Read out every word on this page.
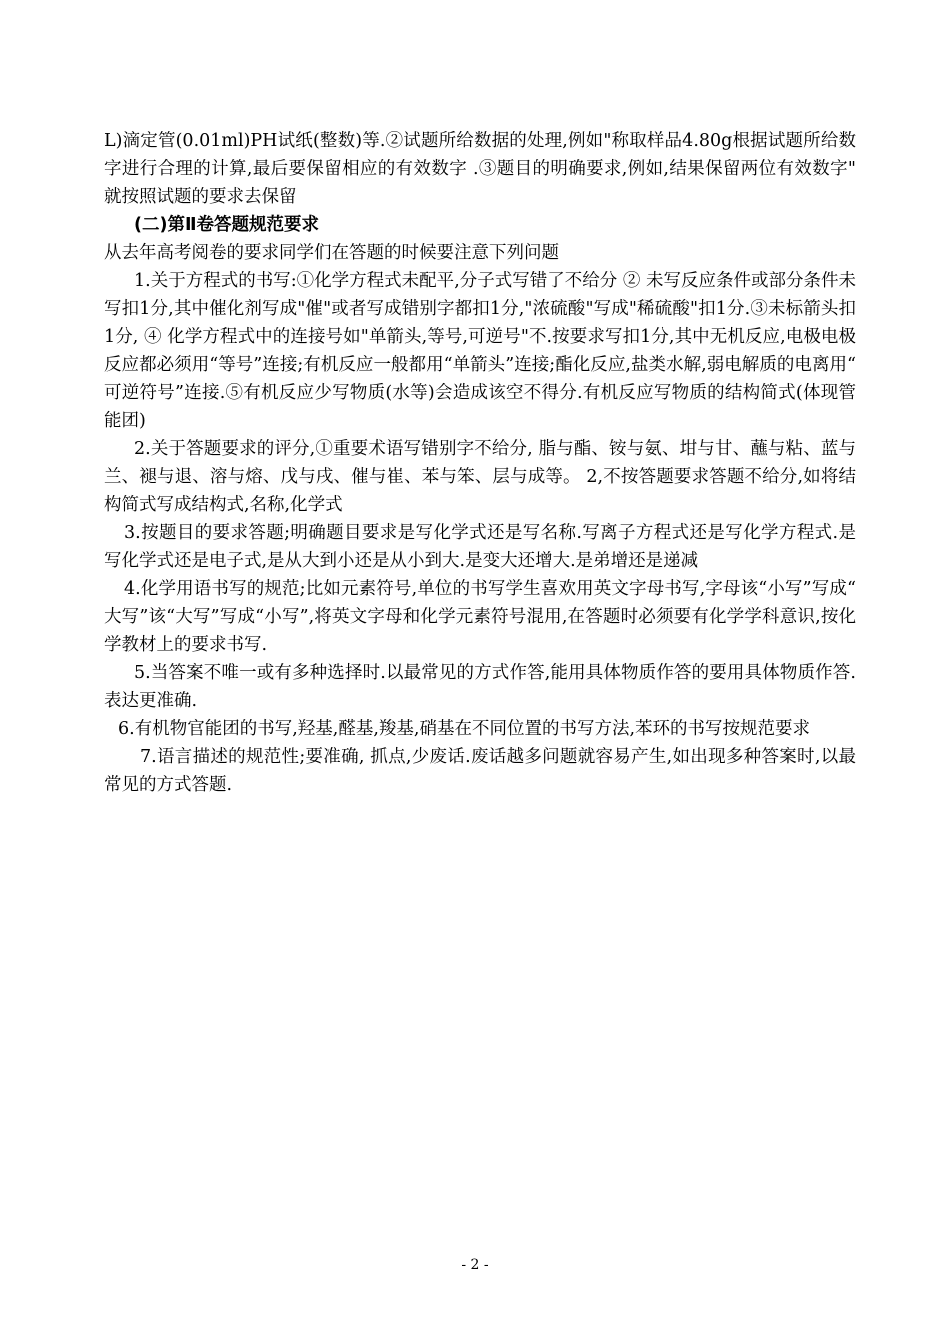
L)滴定管(0.01ml)PH试纸(整数)等.②试题所给数据的处理,例如"称取样品4.80g根据试题所给数字进行合理的计算,最后要保留相应的有效数字 .③题目的明确要求,例如,结果保留两位有效数字"就按照试题的要求去保留

(二)第Ⅱ卷答题规范要求

从去年高考阅卷的要求同学们在答题的时候要注意下列问题

1.关于方程式的书写:①化学方程式未配平,分子式写错了不给分 ② 未写反应条件或部分条件未写扣1分,其中催化剂写成"催"或者写成错别字都扣1分,"浓硫酸"写成"稀硫酸"扣1分.③未标箭头扣1分, ④ 化学方程式中的连接号如"单箭头,等号,可逆号"不.按要求写扣1分,其中无机反应,电极电极反应都必须用“等号”连接;有机反应一般都用“单箭头”连接;酯化反应,盐类水解,弱电解质的电离用“可逆符号”连接.⑤有机反应少写物质(水等)会造成该空不得分.有机反应写物质的结构简式(体现管能团)

2.关于答题要求的评分,①重要术语写错别字不给分, 脂与酯、铵与氨、坩与甘、蘸与粘、蓝与兰、褪与退、溶与熔、戊与戌、催与崔、苯与笨、层与成等。 2,不按答题要求答题不给分,如将结构简式写成结构式,名称,化学式

3.按题目的要求答题;明确题目要求是写化学式还是写名称.写离子方程式还是写化学方程式.是写化学式还是电子式,是从大到小还是从小到大.是变大还增大.是弟增还是递减

4.化学用语书写的规范;比如元素符号,单位的书写学生喜欢用英文字母书写,字母该“小写”写成“大写”该“大写”写成“小写”,将英文字母和化学元素符号混用,在答题时必须要有化学学科意识,按化学教材上的要求书写.

5.当答案不唯一或有多种选择时.以最常见的方式作答,能用具体物质作答的要用具体物质作答.表达更准确.

6.有机物官能团的书写,羟基,醛基,羧基,硝基在不同位置的书写方法,苯环的书写按规范要求

7.语言描述的规范性;要准确, 抓点,少废话.废话越多问题就容易产生,如出现多种答案时,以最常见的方式答题.

- 2 -
